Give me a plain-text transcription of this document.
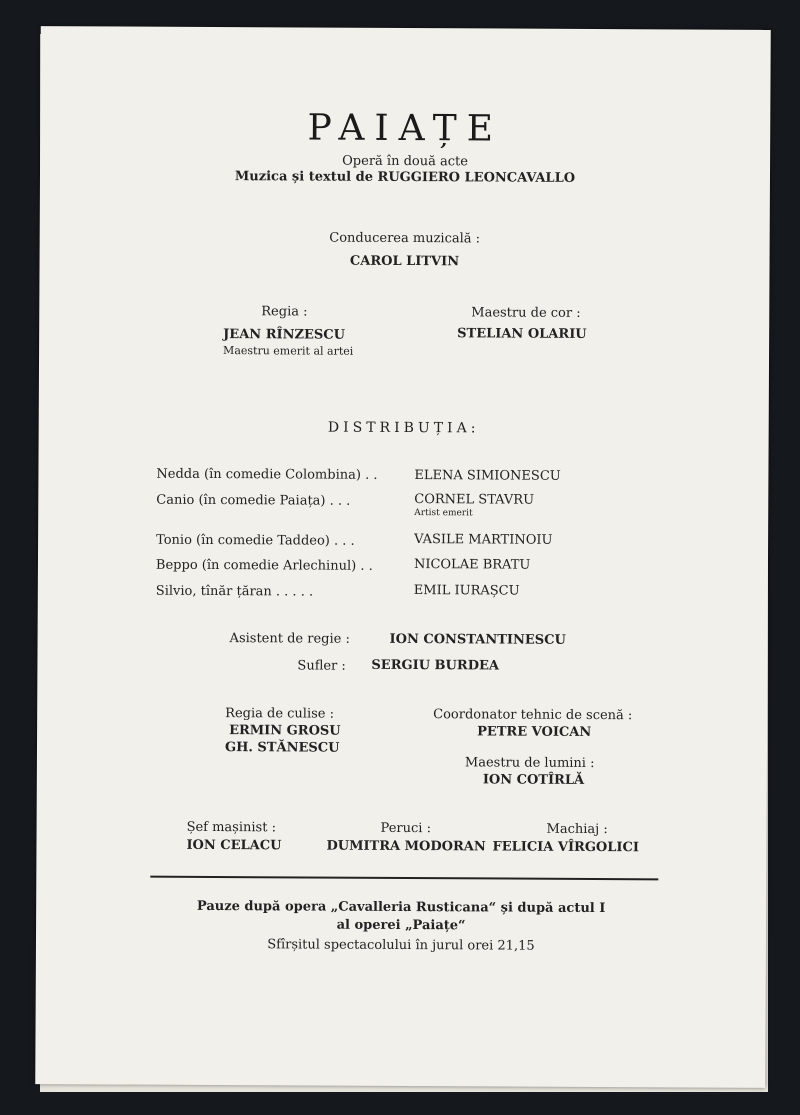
PAIAȚE
Operă în două acte
Muzica și textul de RUGGIERO LEONCAVALLO
Conducerea muzicală :
CAROL LITVIN
Regia :
JEAN RÎNZESCU
Maestru emerit al artei
Maestru de cor :
STELIAN OLARIU
DISTRIBUȚIA:
Nedda (în comedie Colombina) . .	ELENA SIMIONESCU
Canio (în comedie Paiața) . . .	CORNEL STAVRU
Artist emerit
Tonio (în comedie Taddeo) . . .	VASILE MARTINOIU
Beppo (în comedie Arlechinul) . .	NICOLAE BRATU
Silvio, tînăr țăran . . . . .	EMIL IURAȘCU
Asistent de regie :	ION CONSTANTINESCU
Sufler : SERGIU BURDEA
Regia de culise :
ERMIN GROSU
GH. STĂNESCU
Coordonator tehnic de scenă :
PETRE VOICAN
Maestru de lumini :
ION COTÎRLĂ
Șef mașinist :
ION CELACU
Peruci :
DUMITRA MODORAN
Machiaj :
FELICIA VÎRGOLICI
Pauze după opera „Cavalleria Rusticana“ și după actul I
al operei „Paiațe“
Sfîrșitul spectacolului în jurul orei 21,15
